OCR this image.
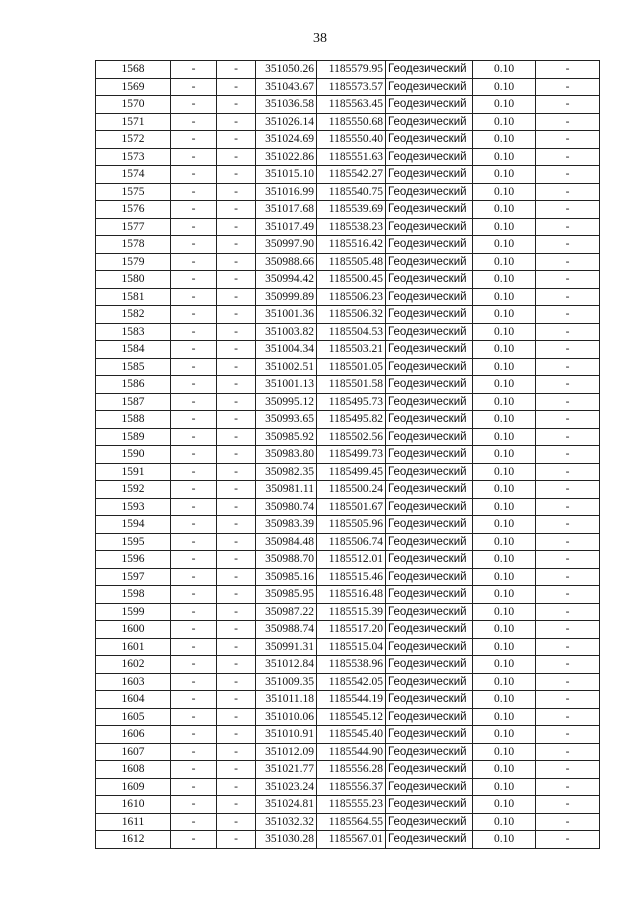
38
1568	-	-	351050.26	1185579.95	Геодезический	0.10	-
1569	-	-	351043.67	1185573.57	Геодезический	0.10	-
1570	-	-	351036.58	1185563.45	Геодезический	0.10	-
1571	-	-	351026.14	1185550.68	Геодезический	0.10	-
1572	-	-	351024.69	1185550.40	Геодезический	0.10	-
1573	-	-	351022.86	1185551.63	Геодезический	0.10	-
1574	-	-	351015.10	1185542.27	Геодезический	0.10	-
1575	-	-	351016.99	1185540.75	Геодезический	0.10	-
1576	-	-	351017.68	1185539.69	Геодезический	0.10	-
1577	-	-	351017.49	1185538.23	Геодезический	0.10	-
1578	-	-	350997.90	1185516.42	Геодезический	0.10	-
1579	-	-	350988.66	1185505.48	Геодезический	0.10	-
1580	-	-	350994.42	1185500.45	Геодезический	0.10	-
1581	-	-	350999.89	1185506.23	Геодезический	0.10	-
1582	-	-	351001.36	1185506.32	Геодезический	0.10	-
1583	-	-	351003.82	1185504.53	Геодезический	0.10	-
1584	-	-	351004.34	1185503.21	Геодезический	0.10	-
1585	-	-	351002.51	1185501.05	Геодезический	0.10	-
1586	-	-	351001.13	1185501.58	Геодезический	0.10	-
1587	-	-	350995.12	1185495.73	Геодезический	0.10	-
1588	-	-	350993.65	1185495.82	Геодезический	0.10	-
1589	-	-	350985.92	1185502.56	Геодезический	0.10	-
1590	-	-	350983.80	1185499.73	Геодезический	0.10	-
1591	-	-	350982.35	1185499.45	Геодезический	0.10	-
1592	-	-	350981.11	1185500.24	Геодезический	0.10	-
1593	-	-	350980.74	1185501.67	Геодезический	0.10	-
1594	-	-	350983.39	1185505.96	Геодезический	0.10	-
1595	-	-	350984.48	1185506.74	Геодезический	0.10	-
1596	-	-	350988.70	1185512.01	Геодезический	0.10	-
1597	-	-	350985.16	1185515.46	Геодезический	0.10	-
1598	-	-	350985.95	1185516.48	Геодезический	0.10	-
1599	-	-	350987.22	1185515.39	Геодезический	0.10	-
1600	-	-	350988.74	1185517.20	Геодезический	0.10	-
1601	-	-	350991.31	1185515.04	Геодезический	0.10	-
1602	-	-	351012.84	1185538.96	Геодезический	0.10	-
1603	-	-	351009.35	1185542.05	Геодезический	0.10	-
1604	-	-	351011.18	1185544.19	Геодезический	0.10	-
1605	-	-	351010.06	1185545.12	Геодезический	0.10	-
1606	-	-	351010.91	1185545.40	Геодезический	0.10	-
1607	-	-	351012.09	1185544.90	Геодезический	0.10	-
1608	-	-	351021.77	1185556.28	Геодезический	0.10	-
1609	-	-	351023.24	1185556.37	Геодезический	0.10	-
1610	-	-	351024.81	1185555.23	Геодезический	0.10	-
1611	-	-	351032.32	1185564.55	Геодезический	0.10	-
1612	-	-	351030.28	1185567.01	Геодезический	0.10	-
